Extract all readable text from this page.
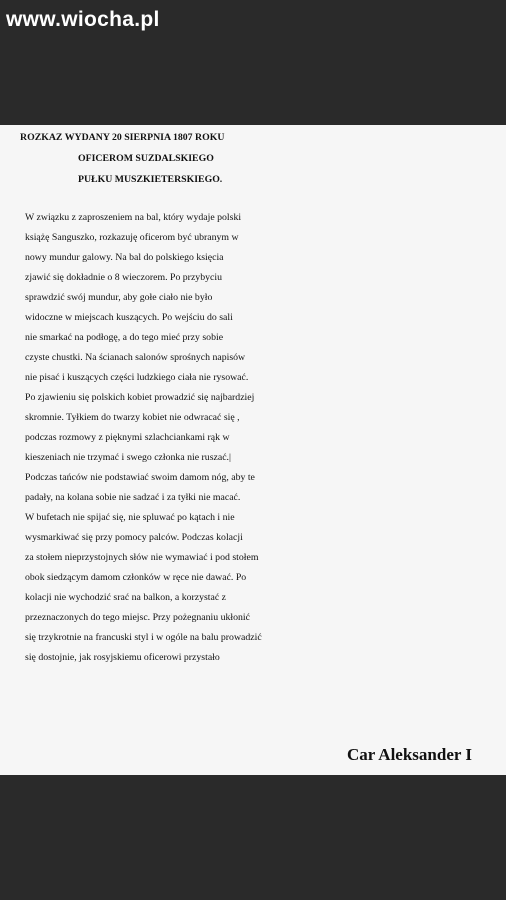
www.wiocha.pl
ROZKAZ WYDANY 20 SIERPNIA 1807 ROKU
OFICEROM SUZDALSKIEGO
PUŁKU MUSZKIETERSKIEGO.
W związku z zaproszeniem na bal, który wydaje polski
książę Sanguszko, rozkazuję oficerom być ubranym w
nowy mundur galowy. Na bal do polskiego księcia
zjawić się dokładnie o 8 wieczorem. Po przybyciu
sprawdzić swój mundur, aby gołe ciało nie było
widoczne w miejscach kuszących. Po wejściu do sali
nie smarkać na podłogę, a do tego mieć przy sobie
czyste chustki. Na ścianach salonów sprośnych napisów
nie pisać i kuszących części ludzkiego ciała nie rysować.
Po zjawieniu się polskich kobiet prowadzić się najbardziej
skromnie. Tyłkiem do twarzy kobiet nie odwracać się ,
podczas rozmowy z pięknymi szlachciankami rąk w
kieszeniach nie trzymać i swego członka nie ruszać.|
Podczas tańców nie podstawiać swoim damom nóg, aby te
padały, na kolana sobie nie sadzać i za tyłki nie macać.
W bufetach nie spijać się, nie spluwać po kątach i nie
wysmarkiwać się przy pomocy palców. Podczas kolacji
za stołem nieprzystojnych słów nie wymawiać i pod stołem
obok siedzącym damom członków w ręce nie dawać. Po
kolacji nie wychodzić srać na balkon, a korzystać z
przeznaczonych do tego miejsc. Przy pożegnaniu ukłonić
się trzykrotnie na francuski styl i w ogóle na balu prowadzić
się dostojnie, jak rosyjskiemu oficerowi przystało
Car Aleksander I
